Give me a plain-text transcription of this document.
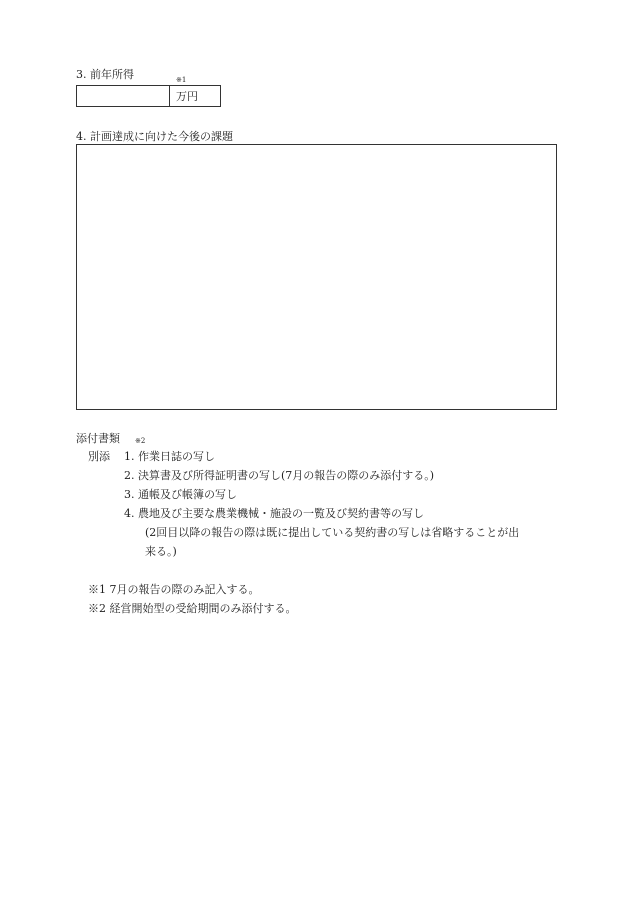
3. 前年所得	※1
万円
4. 計画達成に向けた今後の課題
添付書類 ※2
別添 1. 作業日誌の写し
2. 決算書及び所得証明書の写し(7月の報告の際のみ添付する。)
3. 通帳及び帳簿の写し
4. 農地及び主要な農業機械・施設の一覧及び契約書等の写し
(2回目以降の報告の際は既に提出している契約書の写しは省略することが出
来る。)
※1 7月の報告の際のみ記入する。
※2 経営開始型の受給期間のみ添付する。
